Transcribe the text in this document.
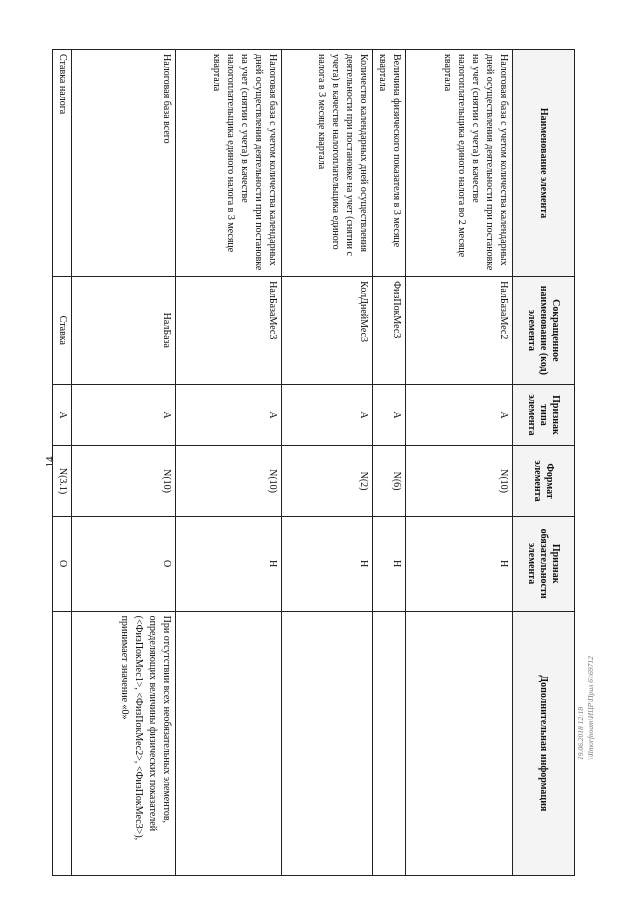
14
19.06.2018 12:18 \\Ilmorfnoam\ИЦР\Прил 6\\69712
Наименование элемента	Сокращенное наименование (код) элемента	Признак типа элемента	Формат элемента	Признак обязательности элемента	Дополнительная информация
Налоговая база с учетом количества календарных дней осуществления деятельности при постановке на учет (снятии с учета) в качестве налогоплательщика единого налога во 2 месяце квартала	НалБазаМес2	А	N(10)	Н	
Величина физического показателя в 3 месяце квартала	ФизПокМес3	А	N(6)	Н	
Количество календарных дней осуществления деятельности при постановке на учет (снятии с учета) в качестве налогоплательщика единого налога в 3 месяце квартала	КолДнейМес3	А	N(2)	Н	
Налоговая база с учетом количества календарных дней осуществления деятельности при постановке на учет (снятии с учета) в качестве налогоплательщика единого налога в 3 месяце квартала	НалБазаМес3	А	N(10)	Н	
Налоговая база всего	НалБаза	А	N(10)	О	При отсутствии всех необязательных элементов, определяющих величины физических показателей (<ФизПокМес1>, <ФизПокМес2>, <ФизПокМес3>), принимает значение «0»
Ставка налога	Ставка	А	N(3.1)	О	
